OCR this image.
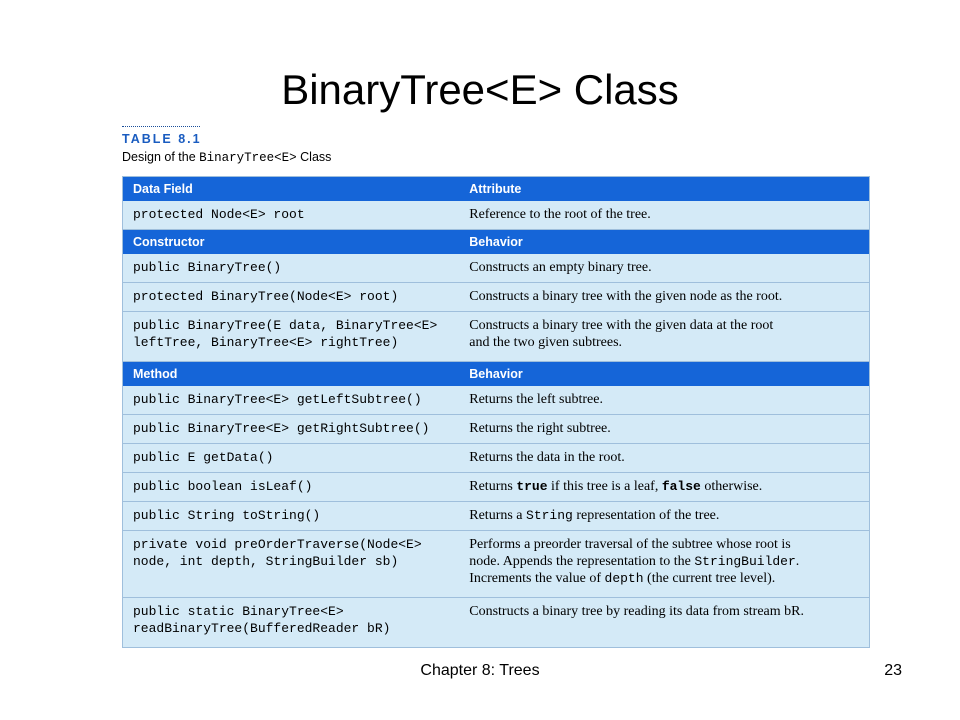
BinaryTree<E> Class
TABLE 8.1
Design of the BinaryTree<E> Class
Data Field	Attribute
protected Node<E> root	Reference to the root of the tree.
Constructor	Behavior
public BinaryTree()	Constructs an empty binary tree.
protected BinaryTree(Node<E> root)	Constructs a binary tree with the given node as the root.
public BinaryTree(E data, BinaryTree<E>
leftTree, BinaryTree<E> rightTree)	Constructs a binary tree with the given data at the root
and the two given subtrees.
Method	Behavior
public BinaryTree<E> getLeftSubtree()	Returns the left subtree.
public BinaryTree<E> getRightSubtree()	Returns the right subtree.
public E getData()	Returns the data in the root.
public boolean isLeaf()	Returns true if this tree is a leaf, false otherwise.
public String toString()	Returns a String representation of the tree.
private void preOrderTraverse(Node<E>
node, int depth, StringBuilder sb)	Performs a preorder traversal of the subtree whose root is
node. Appends the representation to the StringBuilder.
Increments the value of depth (the current tree level).
public static BinaryTree<E>
readBinaryTree(BufferedReader bR)	Constructs a binary tree by reading its data from stream bR.
Chapter 8: Trees	23
